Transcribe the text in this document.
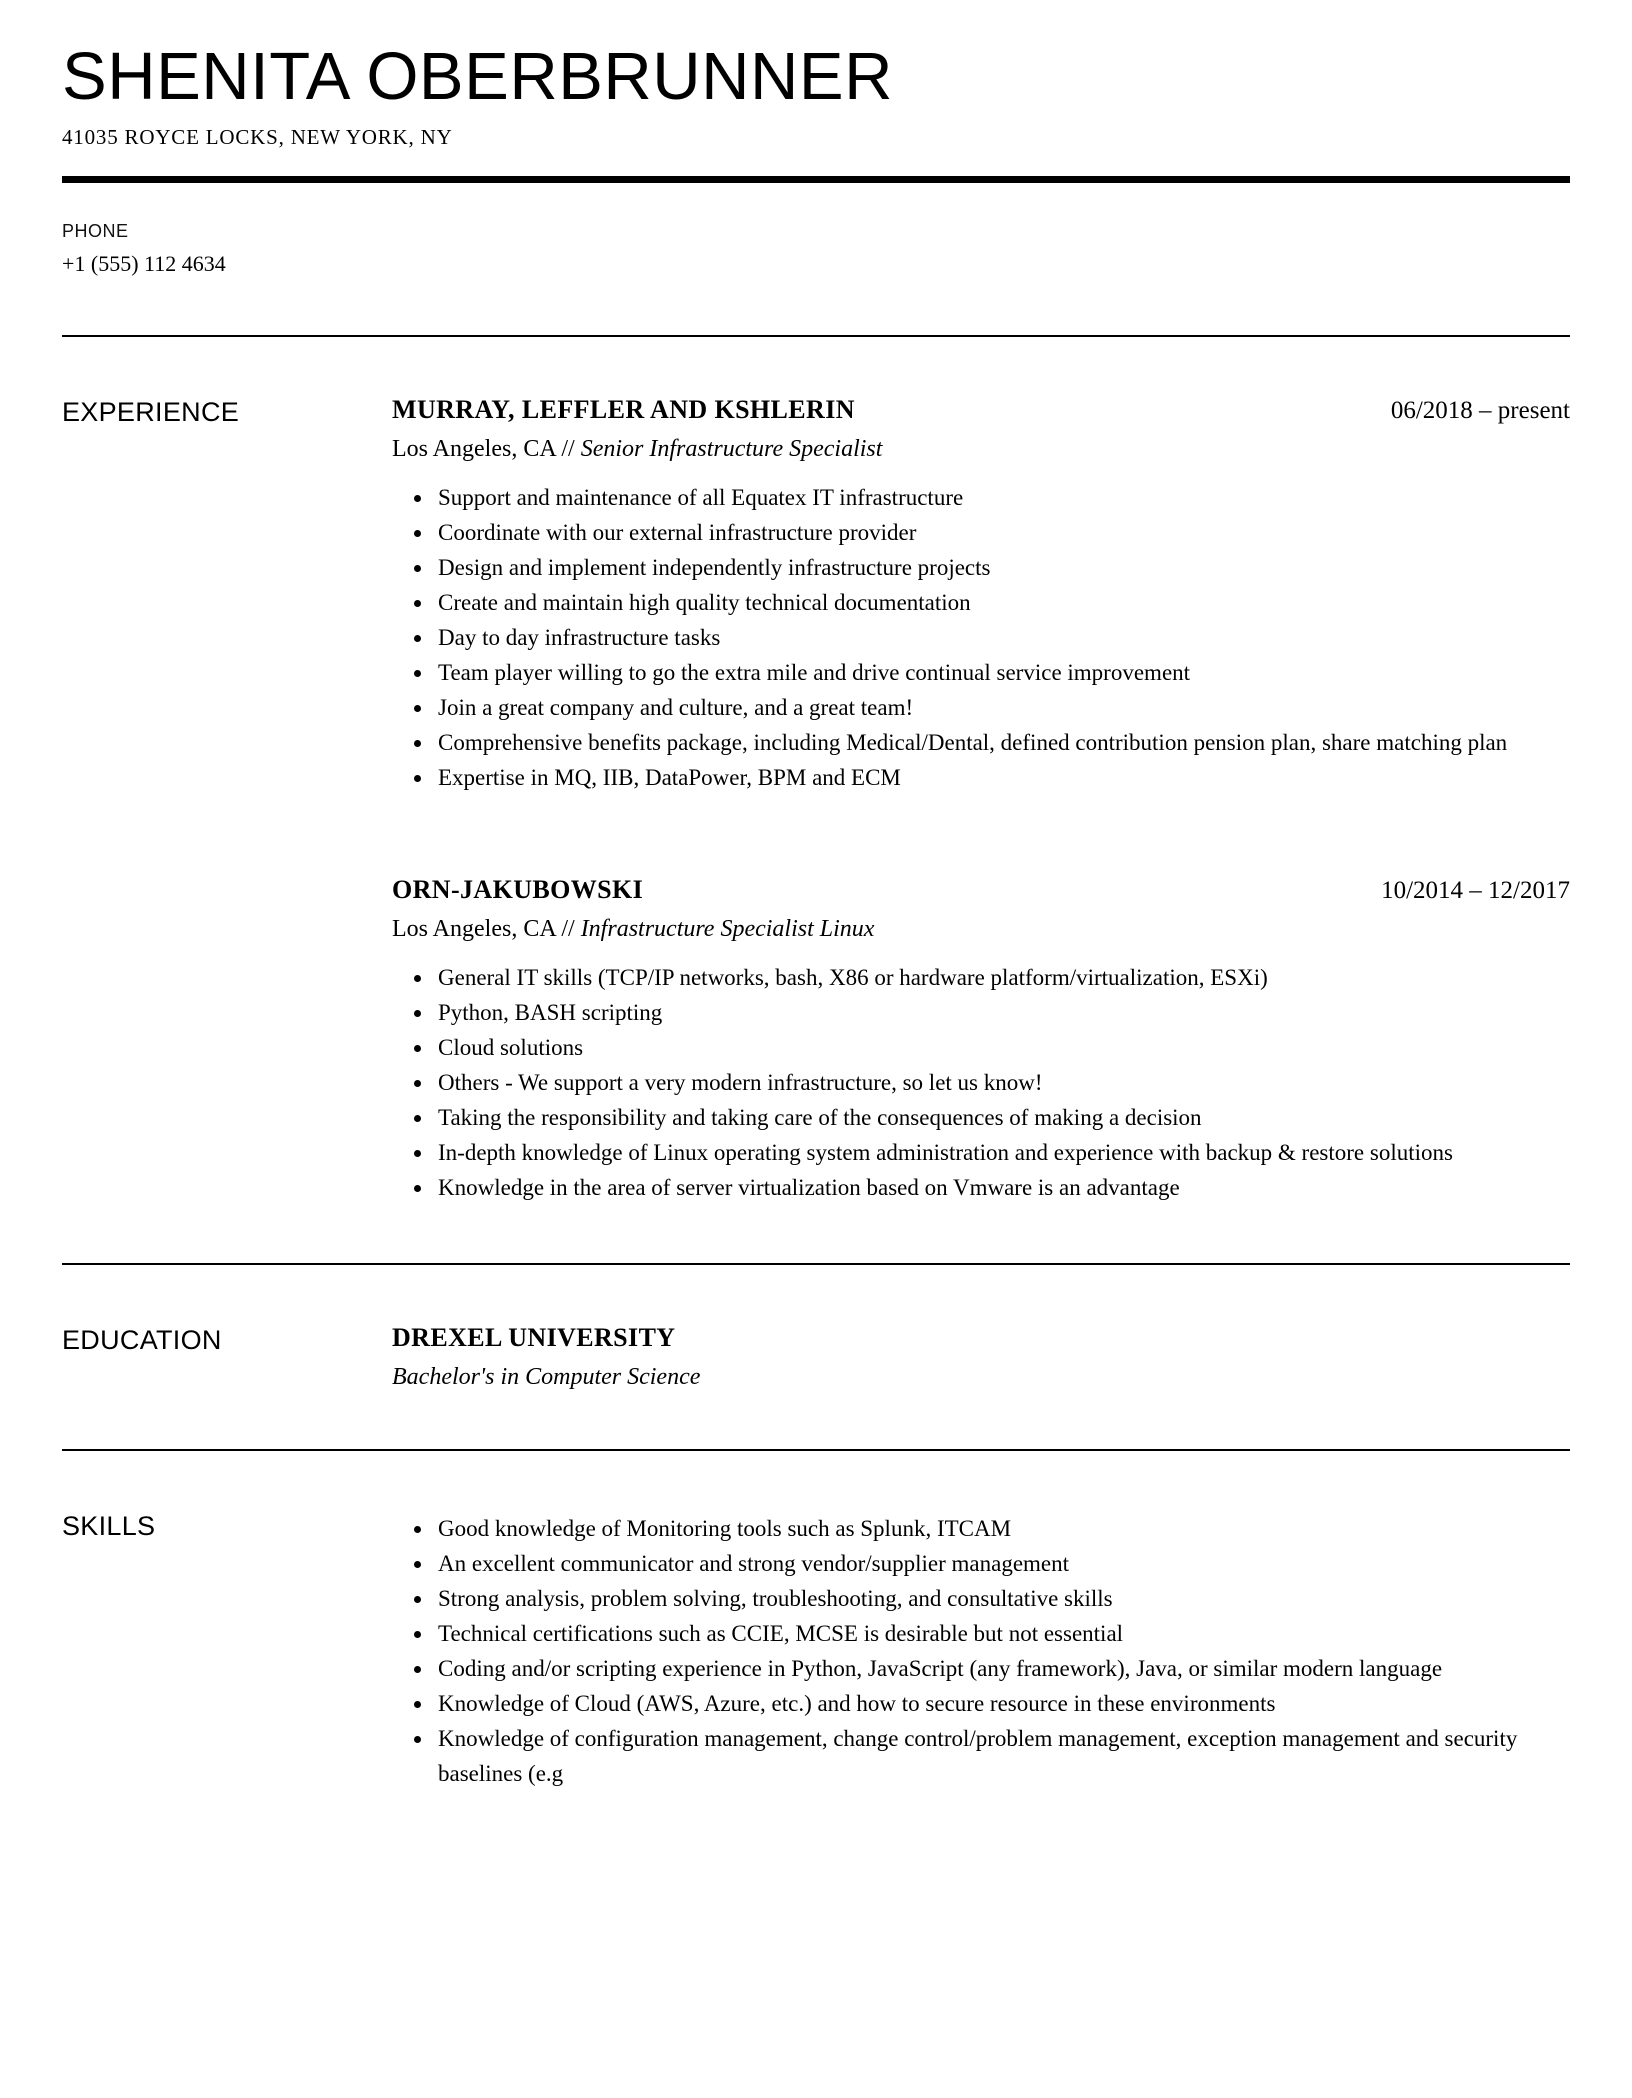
SHENITA OBERBRUNNER
41035 ROYCE LOCKS, NEW YORK, NY
PHONE
+1 (555) 112 4634
EXPERIENCE	MURRAY, LEFFLER AND KSHLERIN	06/2018 – present
Los Angeles, CA // Senior Infrastructure Specialist
• Support and maintenance of all Equatex IT infrastructure
• Coordinate with our external infrastructure provider
• Design and implement independently infrastructure projects
• Create and maintain high quality technical documentation
• Day to day infrastructure tasks
• Team player willing to go the extra mile and drive continual service improvement
• Join a great company and culture, and a great team!
• Comprehensive benefits package, including Medical/Dental, defined contribution pension plan, share matching plan
• Expertise in MQ, IIB, DataPower, BPM and ECM
ORN-JAKUBOWSKI	10/2014 – 12/2017
Los Angeles, CA // Infrastructure Specialist Linux
• General IT skills (TCP/IP networks, bash, X86 or hardware platform/virtualization, ESXi)
• Python, BASH scripting
• Cloud solutions
• Others - We support a very modern infrastructure, so let us know!
• Taking the responsibility and taking care of the consequences of making a decision
• In-depth knowledge of Linux operating system administration and experience with backup & restore solutions
• Knowledge in the area of server virtualization based on Vmware is an advantage
EDUCATION	DREXEL UNIVERSITY
Bachelor's in Computer Science
SKILLS	• Good knowledge of Monitoring tools such as Splunk, ITCAM
• An excellent communicator and strong vendor/supplier management
• Strong analysis, problem solving, troubleshooting, and consultative skills
• Technical certifications such as CCIE, MCSE is desirable but not essential
• Coding and/or scripting experience in Python, JavaScript (any framework), Java, or similar modern language
• Knowledge of Cloud (AWS, Azure, etc.) and how to secure resource in these environments
• Knowledge of configuration management, change control/problem management, exception management and security baselines (e.g
